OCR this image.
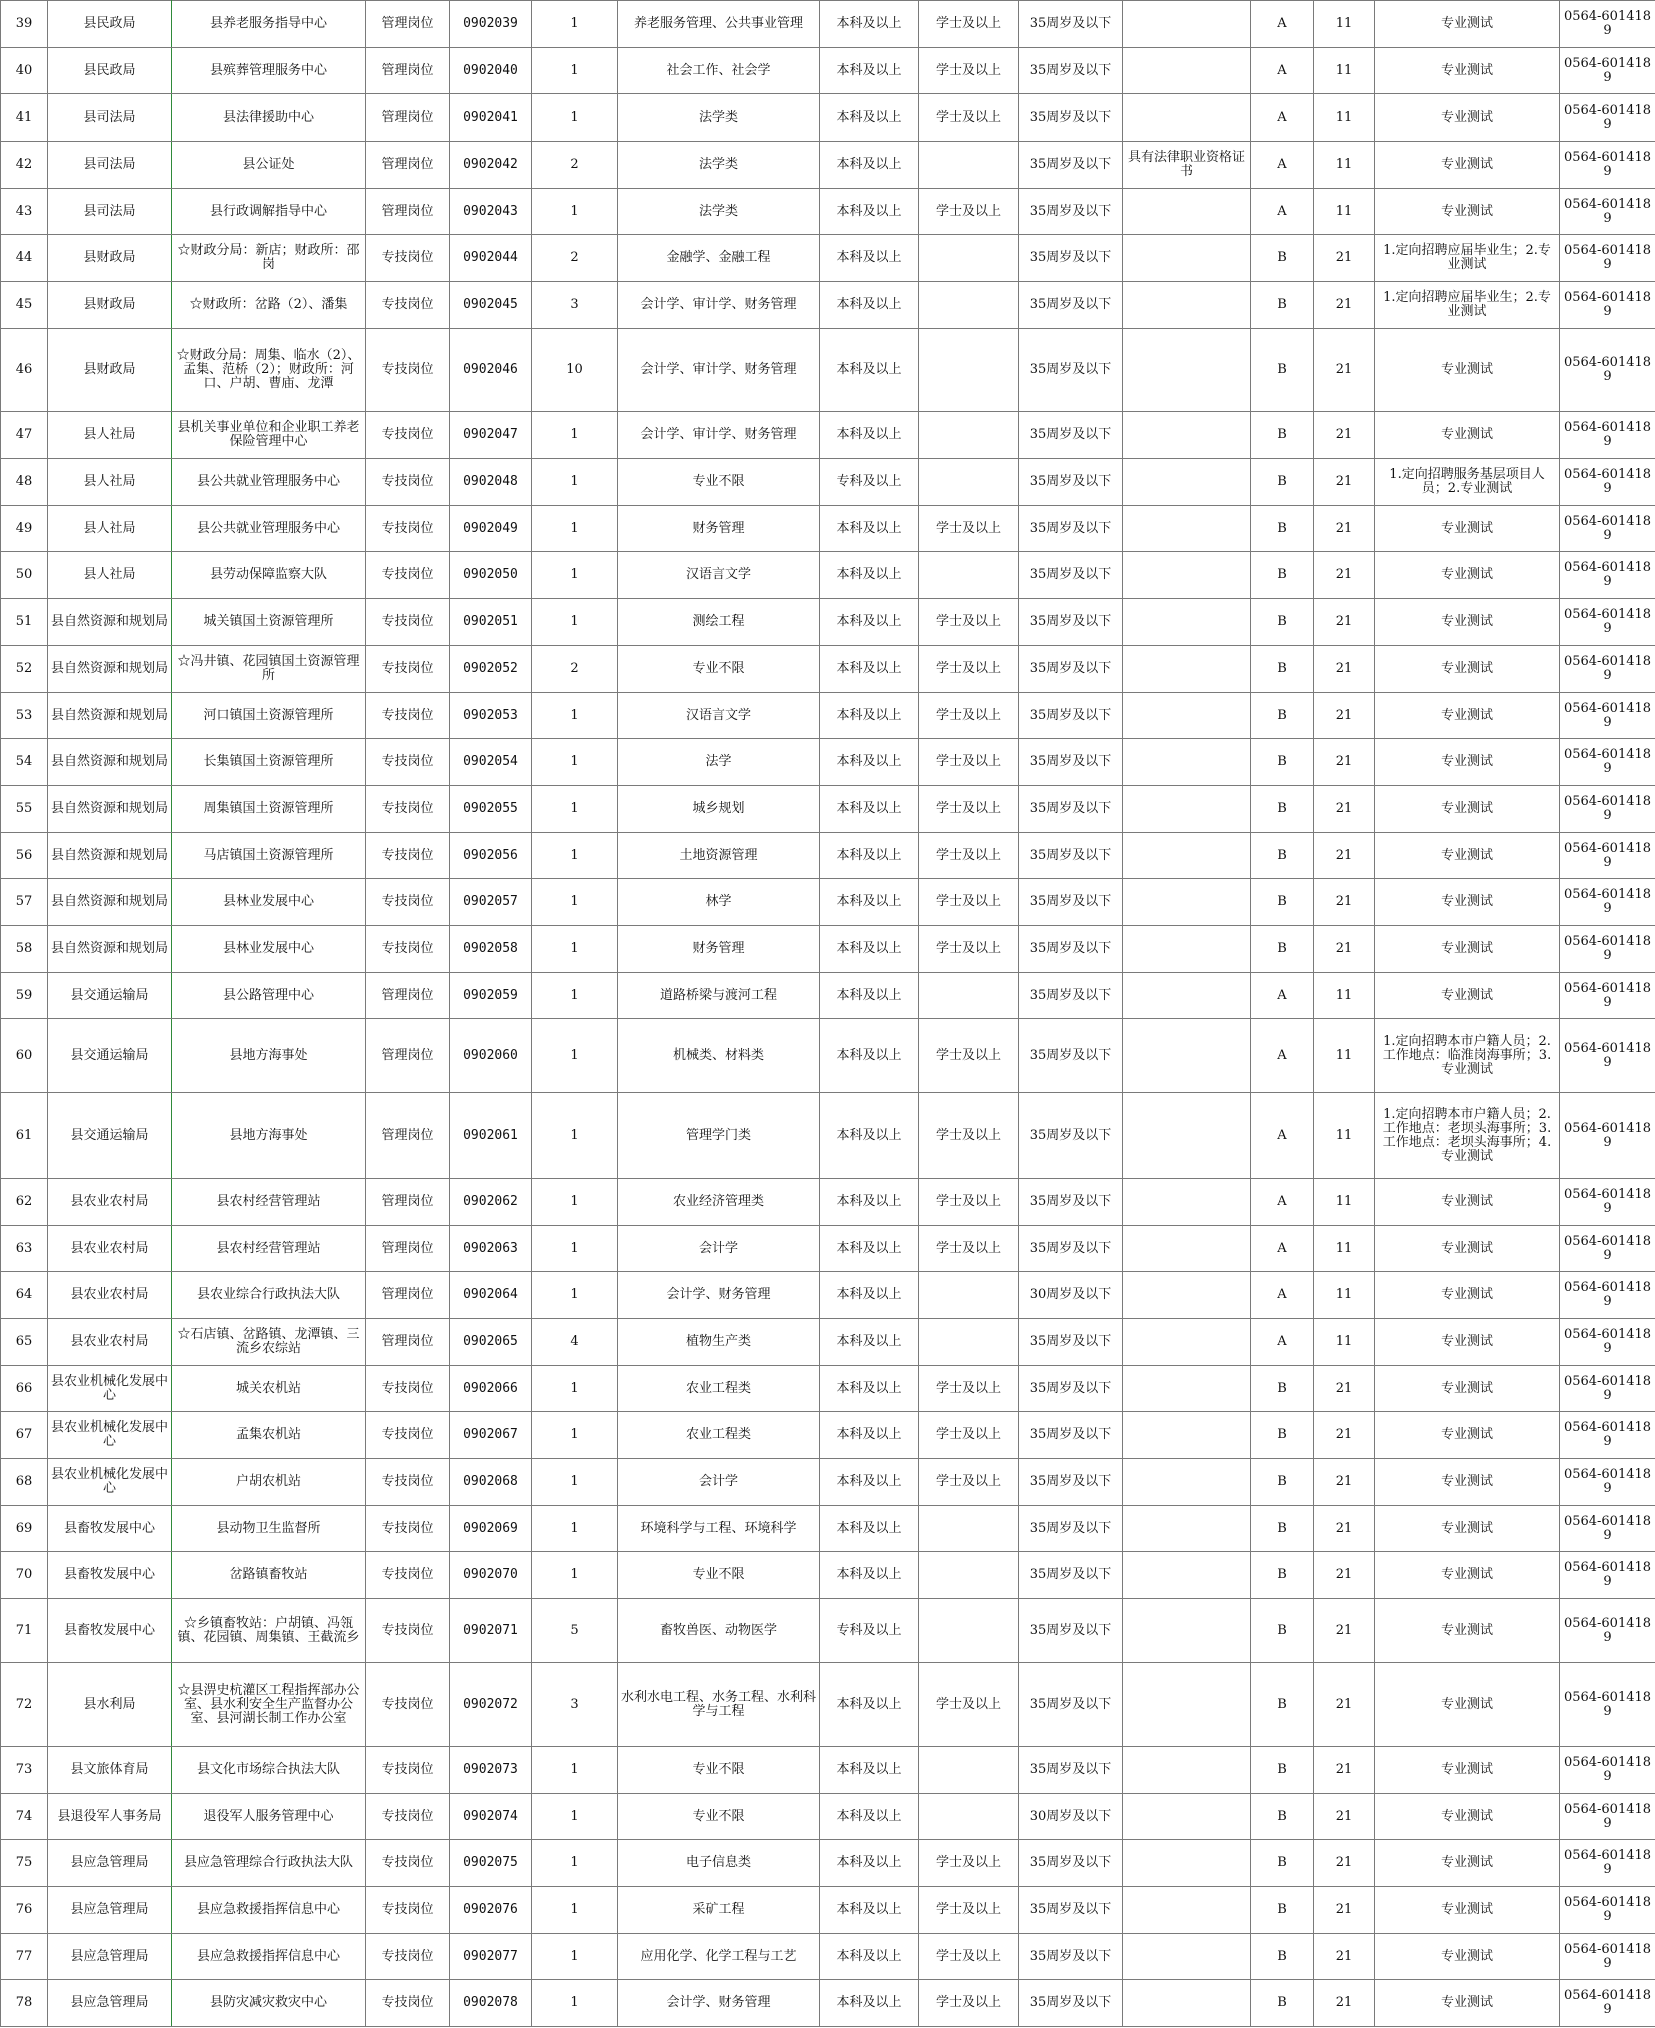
39	县民政局	县养老服务指导中心	管理岗位	0902039	1	养老服务管理、公共事业管理	本科及以上	学士及以上	35周岁及以下		A	11	专业测试	0564-6014189
40	县民政局	县殡葬管理服务中心	管理岗位	0902040	1	社会工作、社会学	本科及以上	学士及以上	35周岁及以下		A	11	专业测试	0564-6014189
41	县司法局	县法律援助中心	管理岗位	0902041	1	法学类	本科及以上	学士及以上	35周岁及以下		A	11	专业测试	0564-6014189
42	县司法局	县公证处	管理岗位	0902042	2	法学类	本科及以上		35周岁及以下	具有法律职业资格证书	A	11	专业测试	0564-6014189
43	县司法局	县行政调解指导中心	管理岗位	0902043	1	法学类	本科及以上	学士及以上	35周岁及以下		A	11	专业测试	0564-6014189
44	县财政局	☆财政分局：新店；财政所：邵岗	专技岗位	0902044	2	金融学、金融工程	本科及以上		35周岁及以下		B	21	1.定向招聘应届毕业生；2.专业测试	0564-6014189
45	县财政局	☆财政所：岔路（2）、潘集	专技岗位	0902045	3	会计学、审计学、财务管理	本科及以上		35周岁及以下		B	21	1.定向招聘应届毕业生；2.专业测试	0564-6014189
46	县财政局	☆财政分局：周集、临水（2）、孟集、范桥（2）；财政所：河口、户胡、曹庙、龙潭	专技岗位	0902046	10	会计学、审计学、财务管理	本科及以上		35周岁及以下		B	21	专业测试	0564-6014189
47	县人社局	县机关事业单位和企业职工养老保险管理中心	专技岗位	0902047	1	会计学、审计学、财务管理	本科及以上		35周岁及以下		B	21	专业测试	0564-6014189
48	县人社局	县公共就业管理服务中心	专技岗位	0902048	1	专业不限	专科及以上		35周岁及以下		B	21	1.定向招聘服务基层项目人员；2.专业测试	0564-6014189
49	县人社局	县公共就业管理服务中心	专技岗位	0902049	1	财务管理	本科及以上	学士及以上	35周岁及以下		B	21	专业测试	0564-6014189
50	县人社局	县劳动保障监察大队	专技岗位	0902050	1	汉语言文学	本科及以上		35周岁及以下		B	21	专业测试	0564-6014189
51	县自然资源和规划局	城关镇国土资源管理所	专技岗位	0902051	1	测绘工程	本科及以上	学士及以上	35周岁及以下		B	21	专业测试	0564-6014189
52	县自然资源和规划局	☆冯井镇、花园镇国土资源管理所	专技岗位	0902052	2	专业不限	本科及以上	学士及以上	35周岁及以下		B	21	专业测试	0564-6014189
53	县自然资源和规划局	河口镇国土资源管理所	专技岗位	0902053	1	汉语言文学	本科及以上	学士及以上	35周岁及以下		B	21	专业测试	0564-6014189
54	县自然资源和规划局	长集镇国土资源管理所	专技岗位	0902054	1	法学	本科及以上	学士及以上	35周岁及以下		B	21	专业测试	0564-6014189
55	县自然资源和规划局	周集镇国土资源管理所	专技岗位	0902055	1	城乡规划	本科及以上	学士及以上	35周岁及以下		B	21	专业测试	0564-6014189
56	县自然资源和规划局	马店镇国土资源管理所	专技岗位	0902056	1	土地资源管理	本科及以上	学士及以上	35周岁及以下		B	21	专业测试	0564-6014189
57	县自然资源和规划局	县林业发展中心	专技岗位	0902057	1	林学	本科及以上	学士及以上	35周岁及以下		B	21	专业测试	0564-6014189
58	县自然资源和规划局	县林业发展中心	专技岗位	0902058	1	财务管理	本科及以上	学士及以上	35周岁及以下		B	21	专业测试	0564-6014189
59	县交通运输局	县公路管理中心	管理岗位	0902059	1	道路桥梁与渡河工程	本科及以上		35周岁及以下		A	11	专业测试	0564-6014189
60	县交通运输局	县地方海事处	管理岗位	0902060	1	机械类、材料类	本科及以上	学士及以上	35周岁及以下		A	11	1.定向招聘本市户籍人员；2.工作地点：临淮岗海事所；3.专业测试	0564-6014189
61	县交通运输局	县地方海事处	管理岗位	0902061	1	管理学门类	本科及以上	学士及以上	35周岁及以下		A	11	1.定向招聘本市户籍人员；2.工作地点：老坝头海事所；3.工作地点：老坝头海事所；4.专业测试	0564-6014189
62	县农业农村局	县农村经营管理站	管理岗位	0902062	1	农业经济管理类	本科及以上	学士及以上	35周岁及以下		A	11	专业测试	0564-6014189
63	县农业农村局	县农村经营管理站	管理岗位	0902063	1	会计学	本科及以上	学士及以上	35周岁及以下		A	11	专业测试	0564-6014189
64	县农业农村局	县农业综合行政执法大队	管理岗位	0902064	1	会计学、财务管理	本科及以上		30周岁及以下		A	11	专业测试	0564-6014189
65	县农业农村局	☆石店镇、岔路镇、龙潭镇、三流乡农综站	管理岗位	0902065	4	植物生产类	本科及以上		35周岁及以下		A	11	专业测试	0564-6014189
66	县农业机械化发展中心	城关农机站	专技岗位	0902066	1	农业工程类	本科及以上	学士及以上	35周岁及以下		B	21	专业测试	0564-6014189
67	县农业机械化发展中心	孟集农机站	专技岗位	0902067	1	农业工程类	本科及以上	学士及以上	35周岁及以下		B	21	专业测试	0564-6014189
68	县农业机械化发展中心	户胡农机站	专技岗位	0902068	1	会计学	本科及以上	学士及以上	35周岁及以下		B	21	专业测试	0564-6014189
69	县畜牧发展中心	县动物卫生监督所	专技岗位	0902069	1	环境科学与工程、环境科学	本科及以上		35周岁及以下		B	21	专业测试	0564-6014189
70	县畜牧发展中心	岔路镇畜牧站	专技岗位	0902070	1	专业不限	本科及以上		35周岁及以下		B	21	专业测试	0564-6014189
71	县畜牧发展中心	☆乡镇畜牧站：户胡镇、冯瓴镇、花园镇、周集镇、王截流乡	专技岗位	0902071	5	畜牧兽医、动物医学	专科及以上		35周岁及以下		B	21	专业测试	0564-6014189
72	县水利局	☆县淠史杭灌区工程指挥部办公室、县水利安全生产监督办公室、县河湖长制工作办公室	专技岗位	0902072	3	水利水电工程、水务工程、水利科学与工程	本科及以上	学士及以上	35周岁及以下		B	21	专业测试	0564-6014189
73	县文旅体育局	县文化市场综合执法大队	专技岗位	0902073	1	专业不限	本科及以上		35周岁及以下		B	21	专业测试	0564-6014189
74	县退役军人事务局	退役军人服务管理中心	专技岗位	0902074	1	专业不限	本科及以上		30周岁及以下		B	21	专业测试	0564-6014189
75	县应急管理局	县应急管理综合行政执法大队	专技岗位	0902075	1	电子信息类	本科及以上	学士及以上	35周岁及以下		B	21	专业测试	0564-6014189
76	县应急管理局	县应急救援指挥信息中心	专技岗位	0902076	1	采矿工程	本科及以上	学士及以上	35周岁及以下		B	21	专业测试	0564-6014189
77	县应急管理局	县应急救援指挥信息中心	专技岗位	0902077	1	应用化学、化学工程与工艺	本科及以上	学士及以上	35周岁及以下		B	21	专业测试	0564-6014189
78	县应急管理局	县防灾减灾救灾中心	专技岗位	0902078	1	会计学、财务管理	本科及以上	学士及以上	35周岁及以下		B	21	专业测试	0564-6014189
